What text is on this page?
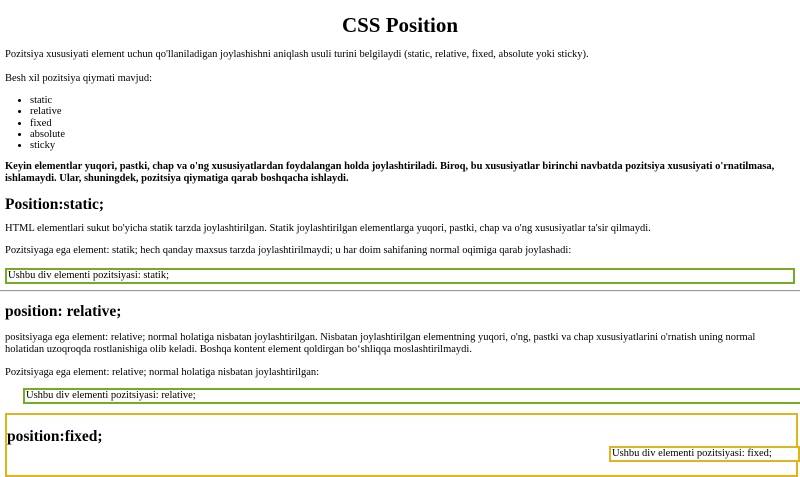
CSS Position

Pozitsiya xususiyati element uchun qo'llaniladigan joylashishni aniqlash usuli turini belgilaydi (static, relative, fixed, absolute yoki sticky).

Besh xil pozitsiya qiymati mavjud:

• static
• relative
• fixed
• absolute
• sticky

Keyin elementlar yuqori, pastki, chap va o'ng xususiyatlardan foydalangan holda joylashtiriladi. Biroq, bu xususiyatlar birinchi navbatda pozitsiya xususiyati o'rnatilmasa, ishlamaydi. Ular, shuningdek, pozitsiya qiymatiga qarab boshqacha ishlaydi.

Position:static;

HTML elementlari sukut bo'yicha statik tarzda joylashtirilgan. Statik joylashtirilgan elementlarga yuqori, pastki, chap va o'ng xususiyatlar ta'sir qilmaydi.

Pozitsiyaga ega element: statik; hech qanday maxsus tarzda joylashtirilmaydi; u har doim sahifaning normal oqimiga qarab joylashadi:

Ushbu div elementi pozitsiyasi: statik;
position: relative;

positsiyaga ega element: relative; normal holatiga nisbatan joylashtirilgan. Nisbatan joylashtirilgan elementning yuqori, o'ng, pastki va chap xususiyatlarini o'rnatish uning normal holatidan uzoqroqda rostlanishiga olib keladi. Boshqa kontent element qoldirgan bo‘shliqqa moslashtirilmaydi.

Pozitsiyaga ega element: relative; normal holatiga nisbatan joylashtirilgan:

Ushbu div elementi pozitsiyasi: relative;
position:fixed;
Ushbu div elementi pozitsiyasi: fixed;
